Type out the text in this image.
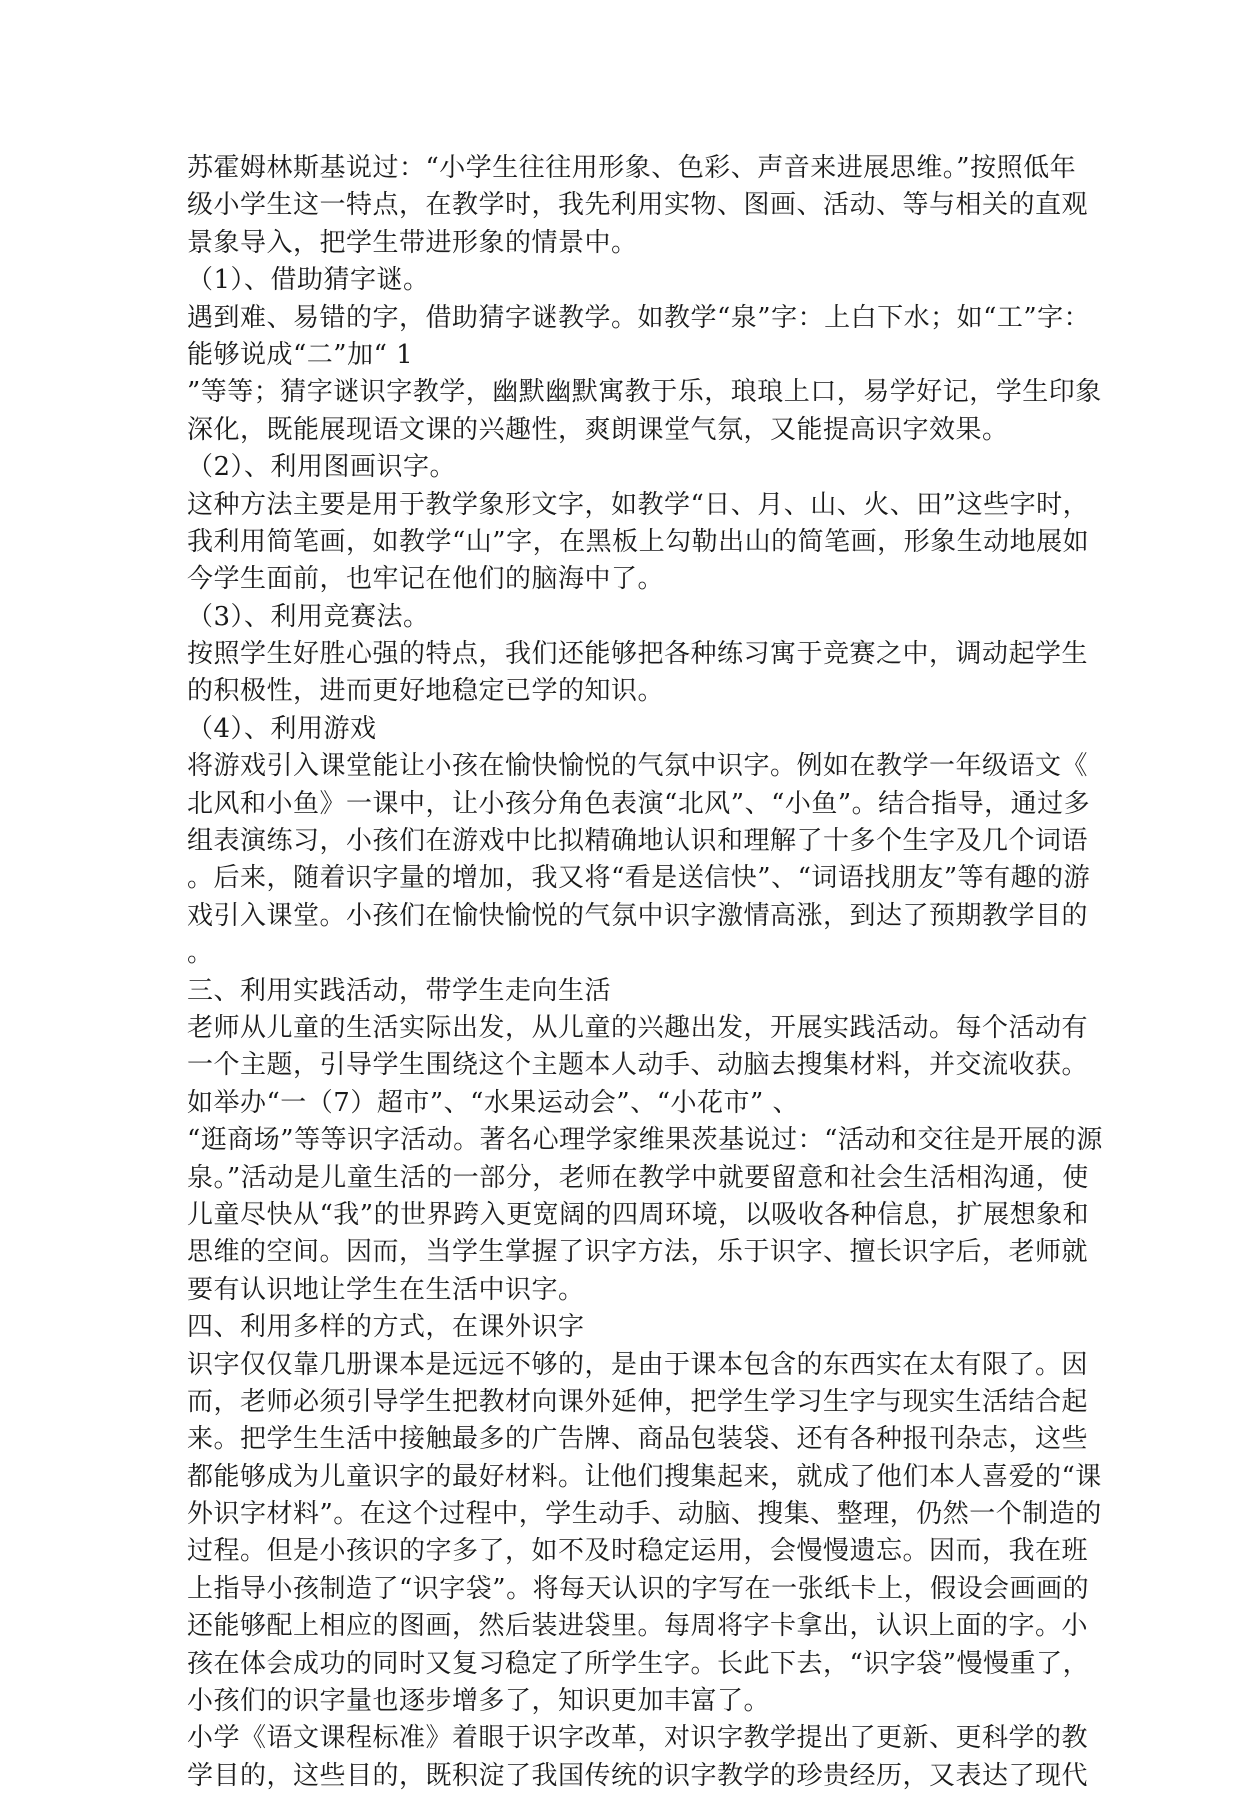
苏霍姆林斯基说过：“小学生往往用形象、色彩、声音来进展思维。”按照低年
级小学生这一特点，在教学时，我先利用实物、图画、活动、等与相关的直观
景象导入，把学生带进形象的情景中。
（1）、借助猜字谜。
遇到难、易错的字，借助猜字谜教学。如教学“泉”字：上白下水；如“工”字：
能够说成“二”加“ 1
”等等；猜字谜识字教学，幽默幽默寓教于乐，琅琅上口，易学好记，学生印象
深化，既能展现语文课的兴趣性，爽朗课堂气氛，又能提高识字效果。
（2）、利用图画识字。
这种方法主要是用于教学象形文字，如教学“日、月、山、火、田”这些字时，
我利用简笔画，如教学“山”字，在黑板上勾勒出山的简笔画，形象生动地展如
今学生面前，也牢记在他们的脑海中了。
（3）、利用竞赛法。
按照学生好胜心强的特点，我们还能够把各种练习寓于竞赛之中，调动起学生
的积极性，进而更好地稳定已学的知识。
（4）、利用游戏
将游戏引入课堂能让小孩在愉快愉悦的气氛中识字。例如在教学一年级语文《
北风和小鱼》一课中，让小孩分角色表演“北风”、“小鱼”。结合指导，通过多
组表演练习，小孩们在游戏中比拟精确地认识和理解了十多个生字及几个词语
。后来，随着识字量的增加，我又将“看是送信快”、“词语找朋友”等有趣的游
戏引入课堂。小孩们在愉快愉悦的气氛中识字激情高涨，到达了预期教学目的
。
三、利用实践活动，带学生走向生活
老师从儿童的生活实际出发，从儿童的兴趣出发，开展实践活动。每个活动有
一个主题，引导学生围绕这个主题本人动手、动脑去搜集材料，并交流收获。
如举办“一（7）超市”、“水果运动会”、“小花市” 、
“逛商场”等等识字活动。著名心理学家维果茨基说过：“活动和交往是开展的源
泉。”活动是儿童生活的一部分，老师在教学中就要留意和社会生活相沟通，使
儿童尽快从“我”的世界跨入更宽阔的四周环境，以吸收各种信息，扩展想象和
思维的空间。因而，当学生掌握了识字方法，乐于识字、擅长识字后，老师就
要有认识地让学生在生活中识字。
四、利用多样的方式，在课外识字
识字仅仅靠几册课本是远远不够的，是由于课本包含的东西实在太有限了。因
而，老师必须引导学生把教材向课外延伸，把学生学习生字与现实生活结合起
来。把学生生活中接触最多的广告牌、商品包装袋、还有各种报刊杂志，这些
都能够成为儿童识字的最好材料。让他们搜集起来，就成了他们本人喜爱的“课
外识字材料”。在这个过程中，学生动手、动脑、搜集、整理，仍然一个制造的
过程。但是小孩识的字多了，如不及时稳定运用，会慢慢遗忘。因而，我在班
上指导小孩制造了“识字袋”。将每天认识的字写在一张纸卡上，假设会画画的
还能够配上相应的图画，然后装进袋里。每周将字卡拿出，认识上面的字。小
孩在体会成功的同时又复习稳定了所学生字。长此下去，“识字袋”慢慢重了，
小孩们的识字量也逐步增多了，知识更加丰富了。
小学《语文课程标准》着眼于识字改革，对识字教学提出了更新、更科学的教
学目的，这些目的，既积淀了我国传统的识字教学的珍贵经历，又表达了现代
